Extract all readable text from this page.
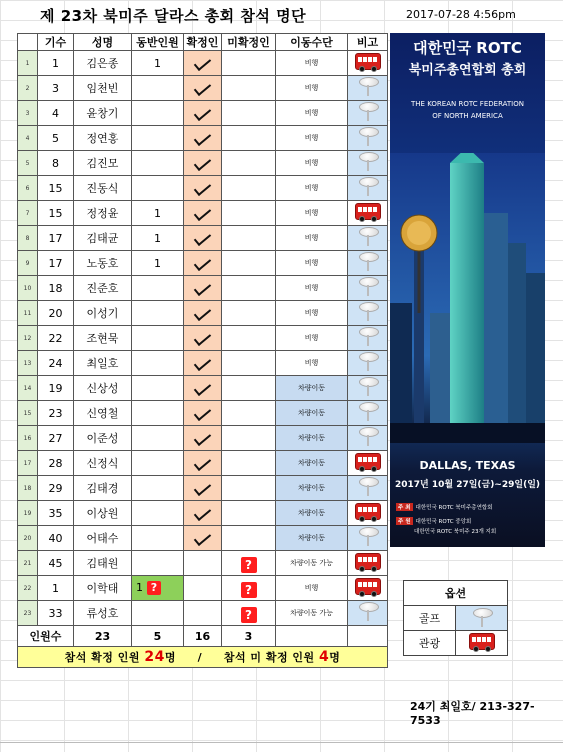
제 23차 북미주 달라스 총회 참석 명단	2017-07-28 4:56pm
	기수	성명	동반인원	확정인	미확정인	이동수단	비고
1	1	김은종	1			비행	

2	3	임천빈				비행	

3	4	윤창기				비행	

4	5	정연홍				비행	

5	8	김진모				비행	

6	15	진동식				비행	

7	15	정정윤	1			비행	

8	17	김태균	1			비행	

9	17	노동호	1			비행	

10	18	진준호				비행	

11	20	이성기				비행	

12	22	조현묵				비행	

13	24	최일호				비행	

14	19	신상성				차량이동	

15	23	신영철				차량이동	

16	27	이준성				차량이동	

17	28	신정식				차량이동	

18	29	김태경				차량이동	

19	35	이상원				차량이동	

20	40	어태수				차량이동	

21	45	김태원			?	차량이동 가능	

22	1	이학태	1 ?		?	비행	

23	33	류성호			?	차량이동 가능	

인원수		23	5	16	3		
참석 확정 인원 24명 / 참석 미 확정 인원 4명							
대한민국 ROTC
북미주총연합회 총회
THE KOREAN ROTC FEDERATION
OF NORTH AMERICA
DALLAS, TEXAS
2017년 10월 27일(금)~29일(일)
주 최 대한민국 ROTC 북미주총연합회
주 원 대한민국 ROTC 중앙회
대한민국 ROTC 북미주 23개 지회
옵션	
골프	

관광	
24기 최일호/ 213-327-7533
